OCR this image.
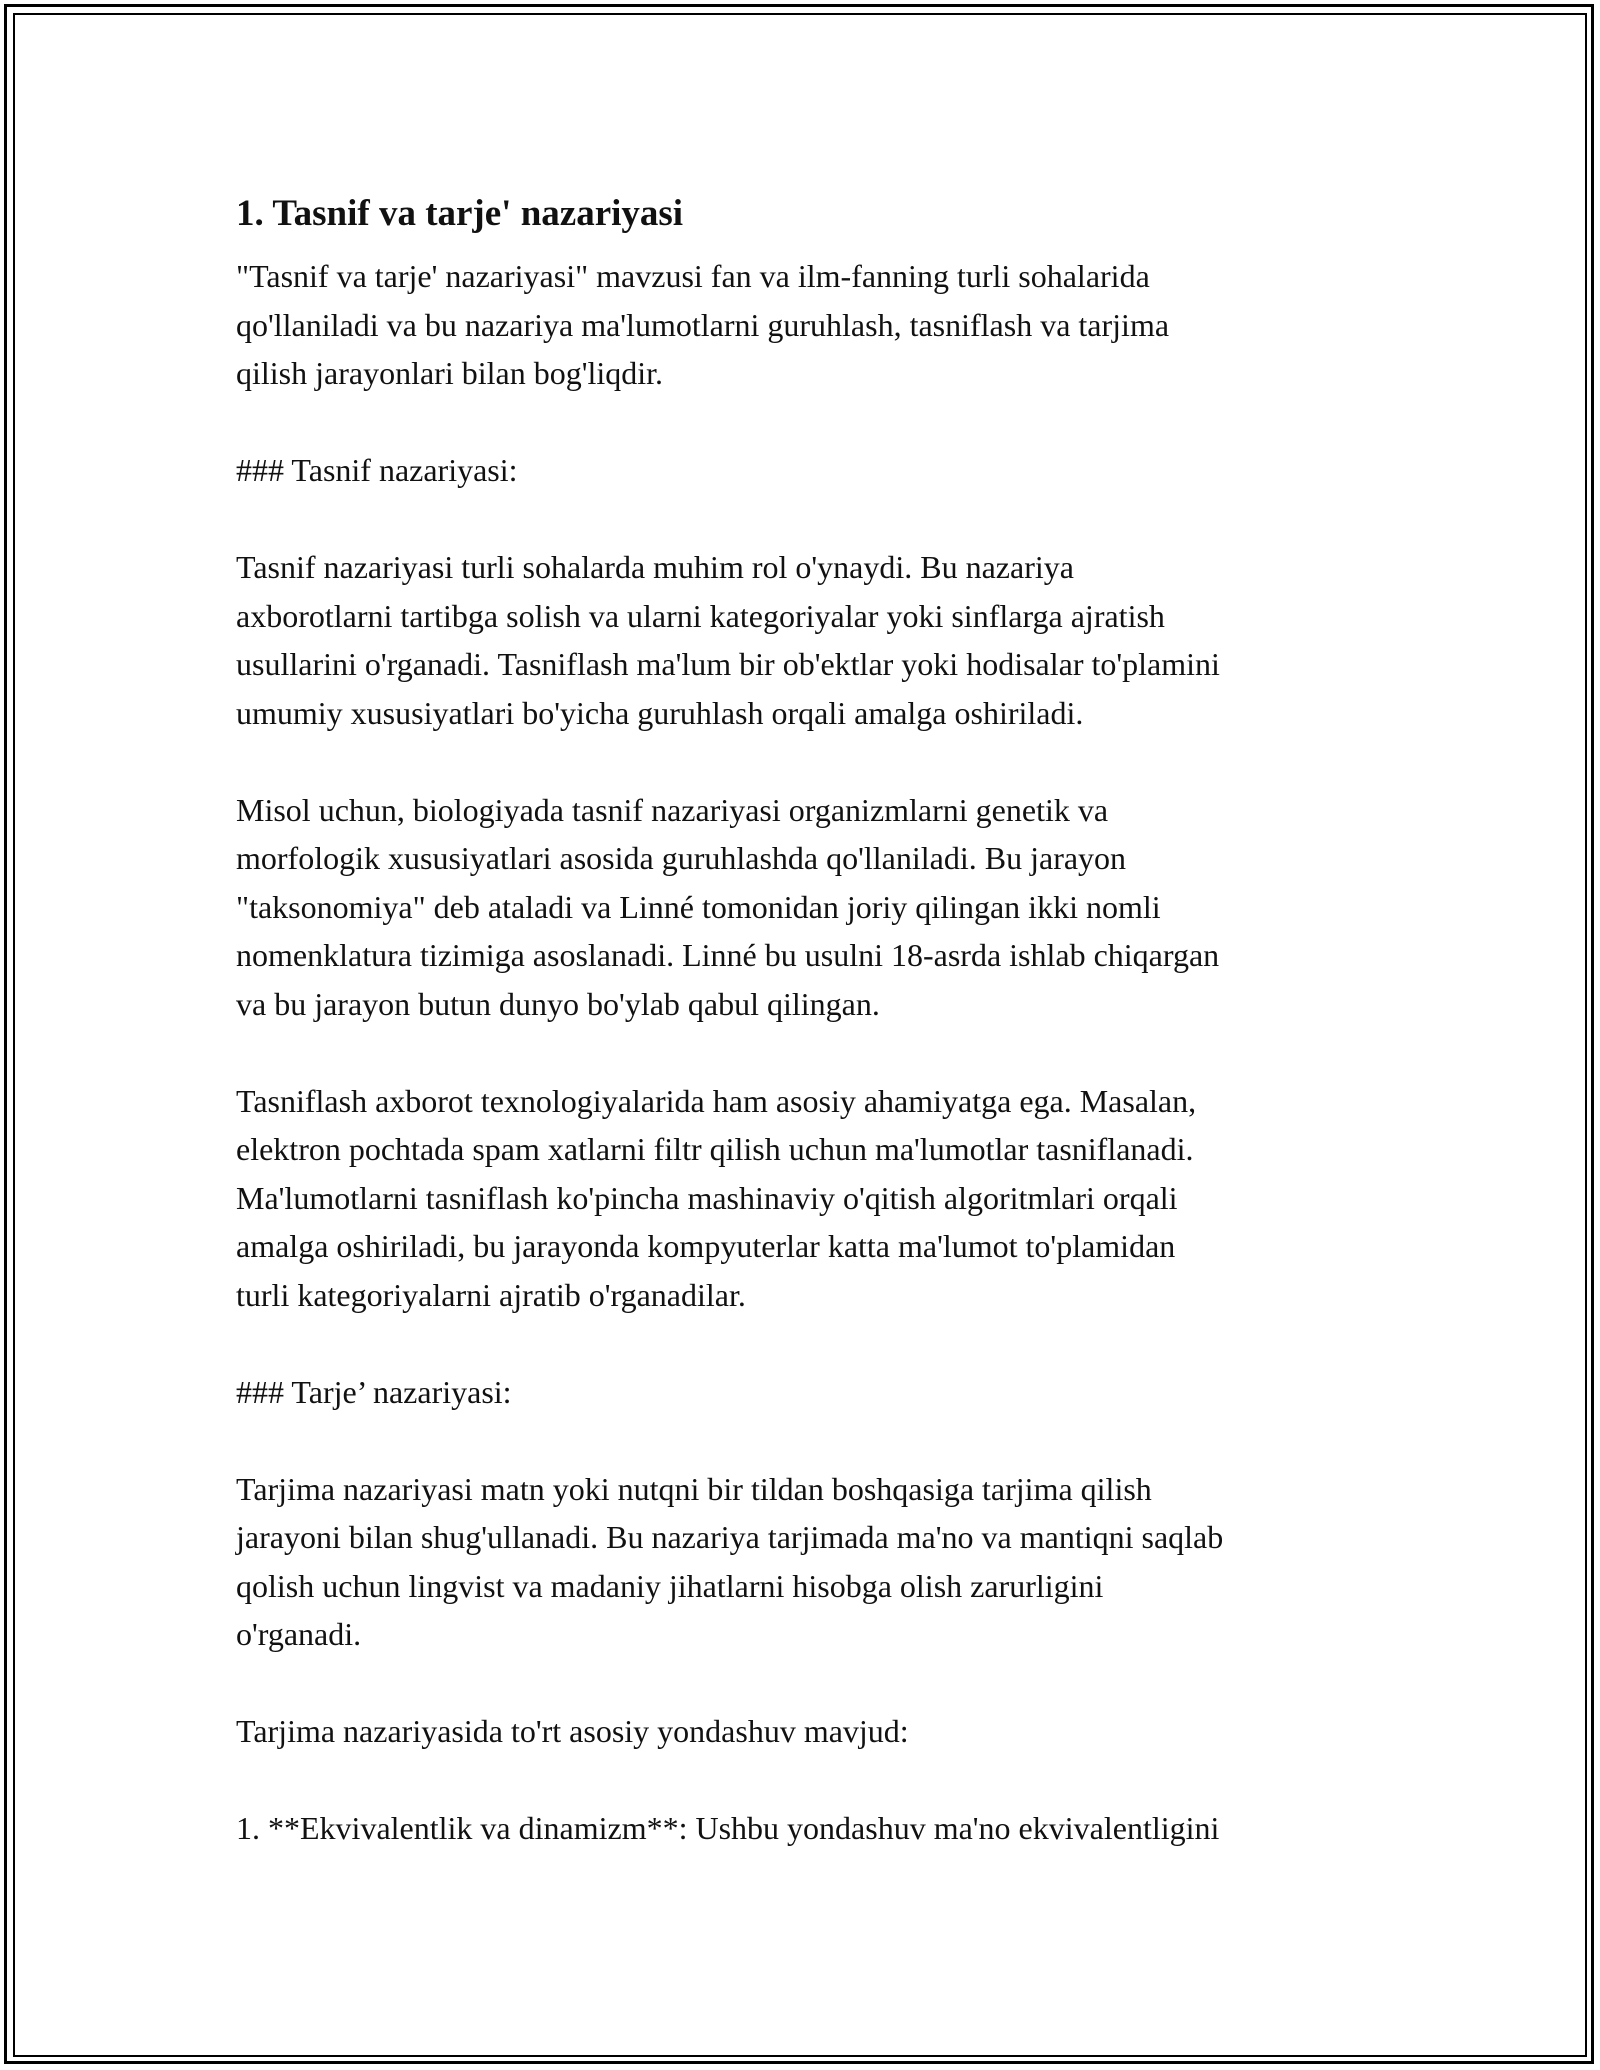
1. Tasnif va tarje' nazariyasi

"Tasnif va tarje' nazariyasi" mavzusi fan va ilm-fanning turli sohalarida
qo'llaniladi va bu nazariya ma'lumotlarni guruhlash, tasniflash va tarjima
qilish jarayonlari bilan bog'liqdir.

### Tasnif nazariyasi:

Tasnif nazariyasi turli sohalarda muhim rol o'ynaydi. Bu nazariya
axborotlarni tartibga solish va ularni kategoriyalar yoki sinflarga ajratish
usullarini o'rganadi. Tasniflash ma'lum bir ob'ektlar yoki hodisalar to'plamini
umumiy xususiyatlari bo'yicha guruhlash orqali amalga oshiriladi.

Misol uchun, biologiyada tasnif nazariyasi organizmlarni genetik va
morfologik xususiyatlari asosida guruhlashda qo'llaniladi. Bu jarayon
"taksonomiya" deb ataladi va Linné tomonidan joriy qilingan ikki nomli
nomenklatura tizimiga asoslanadi. Linné bu usulni 18-asrda ishlab chiqargan
va bu jarayon butun dunyo bo'ylab qabul qilingan.

Tasniflash axborot texnologiyalarida ham asosiy ahamiyatga ega. Masalan,
elektron pochtada spam xatlarni filtr qilish uchun ma'lumotlar tasniflanadi.
Ma'lumotlarni tasniflash ko'pincha mashinaviy o'qitish algoritmlari orqali
amalga oshiriladi, bu jarayonda kompyuterlar katta ma'lumot to'plamidan
turli kategoriyalarni ajratib o'rganadilar.

### Tarje’ nazariyasi:

Tarjima nazariyasi matn yoki nutqni bir tildan boshqasiga tarjima qilish
jarayoni bilan shug'ullanadi. Bu nazariya tarjimada ma'no va mantiqni saqlab
qolish uchun lingvist va madaniy jihatlarni hisobga olish zarurligini
o'rganadi.

Tarjima nazariyasida to'rt asosiy yondashuv mavjud:

1. **Ekvivalentlik va dinamizm**: Ushbu yondashuv ma'no ekvivalentligini
